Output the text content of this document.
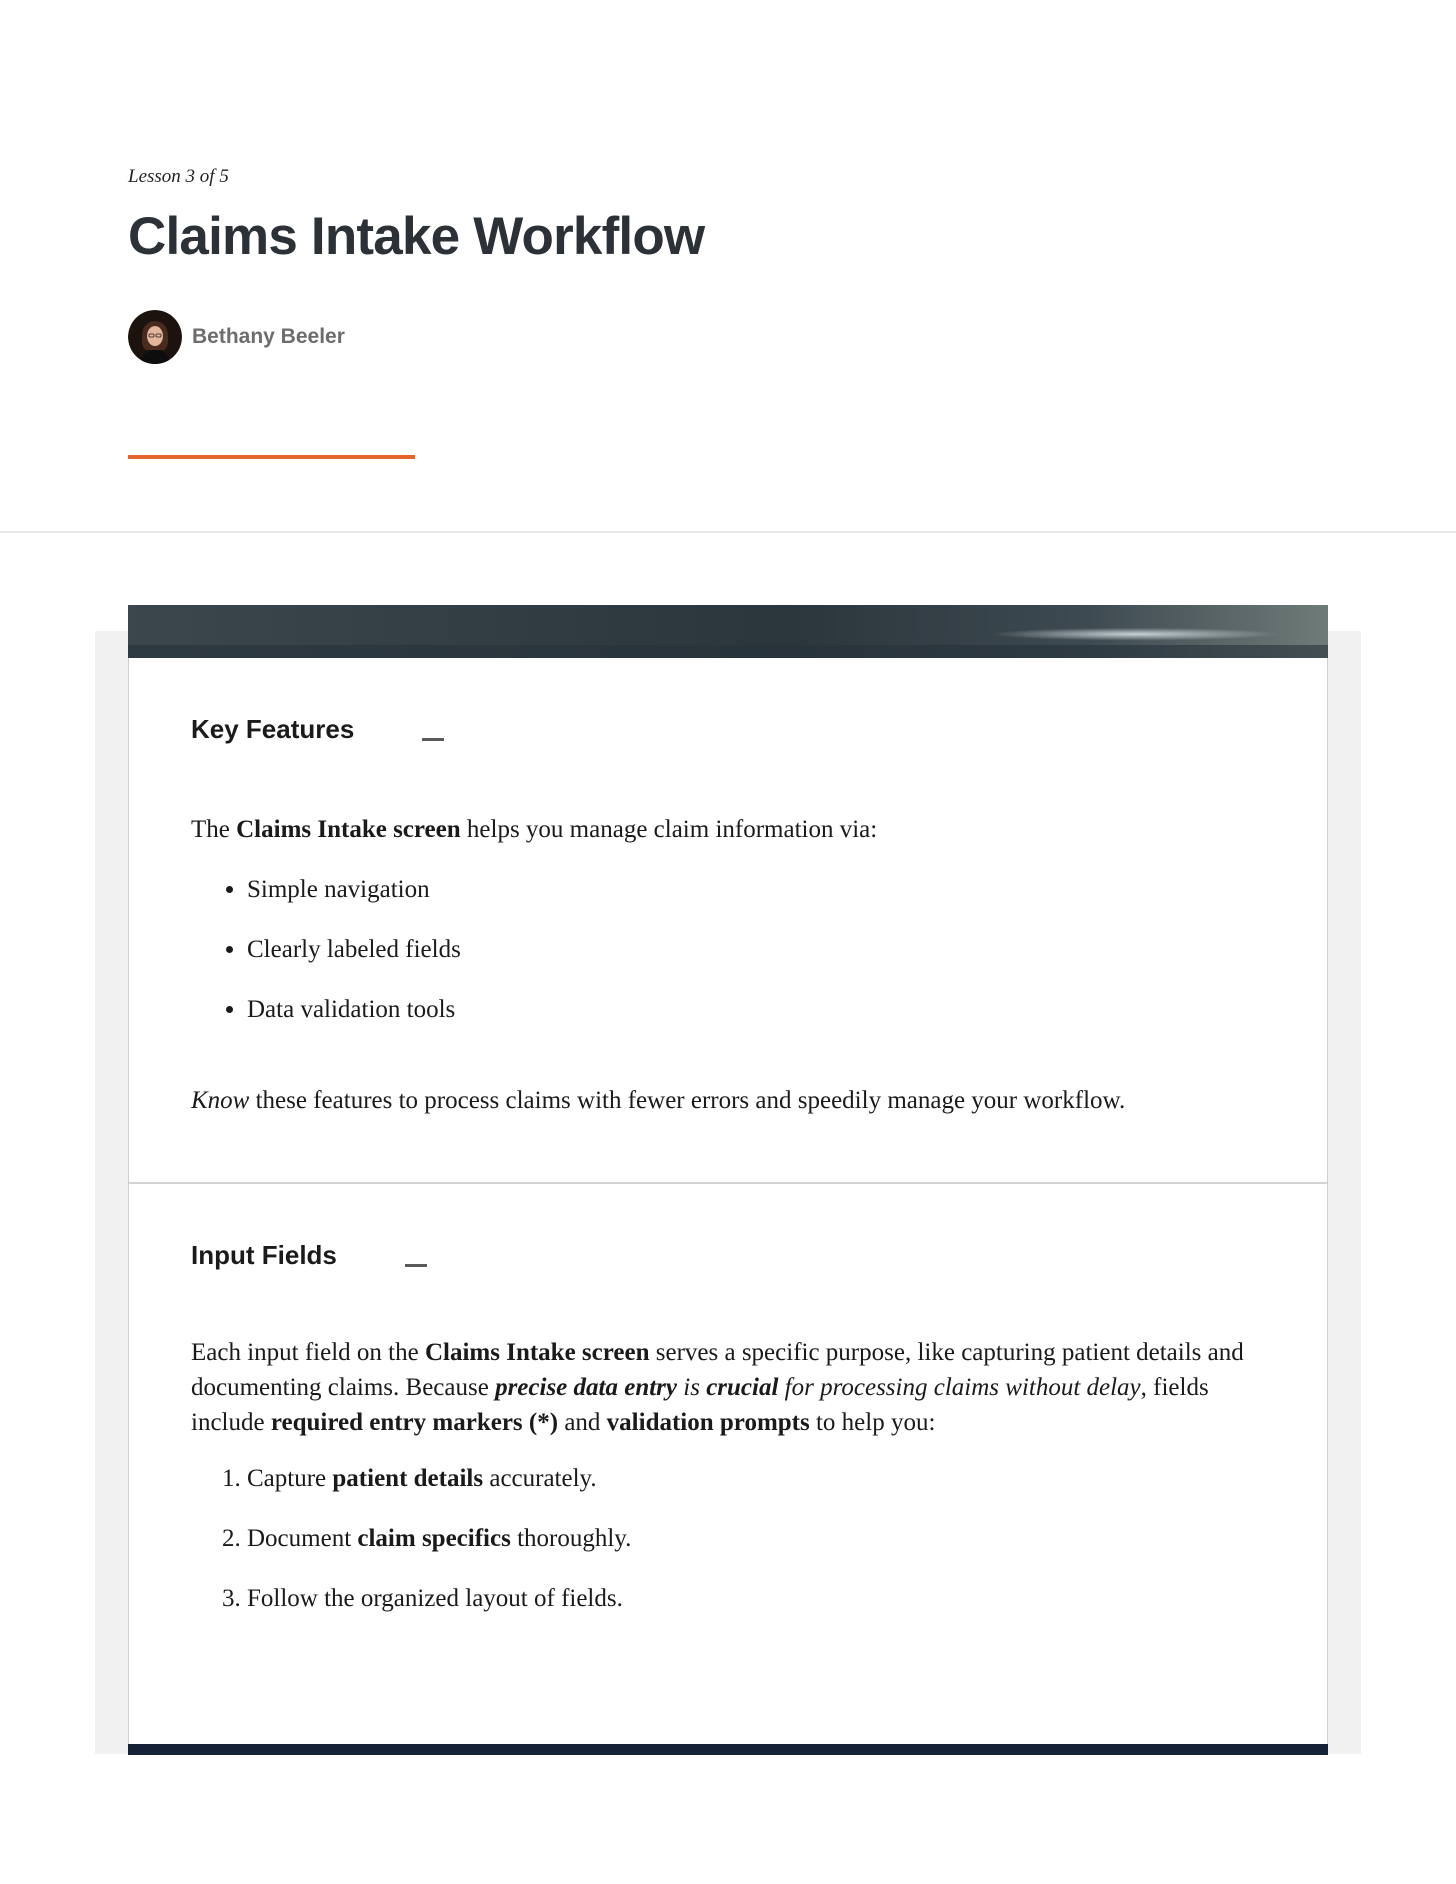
Lesson 3 of 5
Claims Intake Workflow
Bethany Beeler
Key Features

The Claims Intake screen helps you manage claim information via:

• Simple navigation
• Clearly labeled fields
• Data validation tools

Know these features to process claims with fewer errors and speedily manage your workflow.

Input Fields

Each input field on the Claims Intake screen serves a specific purpose, like capturing patient details and documenting claims. Because precise data entry is crucial for processing claims without delay, fields include required entry markers (*) and validation prompts to help you:

1. Capture patient details accurately.
2. Document claim specifics thoroughly.
3. Follow the organized layout of fields.
